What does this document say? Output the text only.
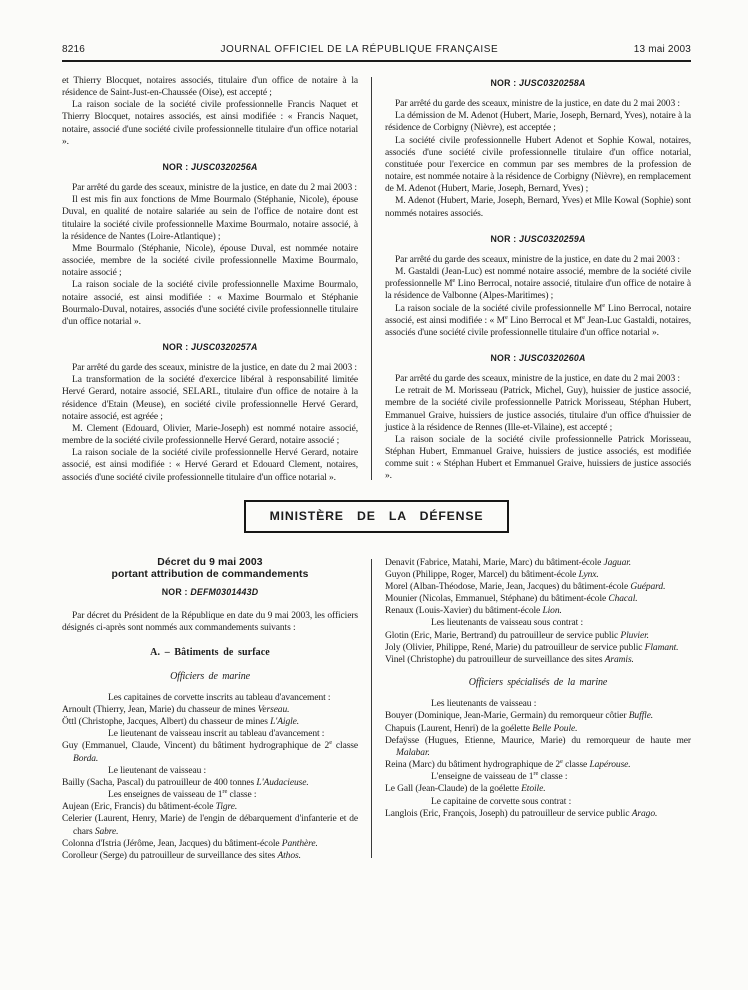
8216	JOURNAL OFFICIEL DE LA RÉPUBLIQUE FRANÇAISE	13 mai 2003

et Thierry Blocquet, notaires associés, titulaire d'un office de notaire à la résidence de Saint-Just-en-Chaussée (Oise), est accepté ;

La raison sociale de la société civile professionnelle Francis Naquet et Thierry Blocquet, notaires associés, est ainsi modifiée : « Francis Naquet, notaire, associé d'une société civile professionnelle titulaire d'un office notarial ».

NOR : JUSC0320256A

Par arrêté du garde des sceaux, ministre de la justice, en date du 2 mai 2003 :

Il est mis fin aux fonctions de Mme Bourmalo (Stéphanie, Nicole), épouse Duval, en qualité de notaire salariée au sein de l'office de notaire dont est titulaire la société civile professionnelle Maxime Bourmalo, notaire associé, à la résidence de Nantes (Loire-Atlantique) ;

Mme Bourmalo (Stéphanie, Nicole), épouse Duval, est nommée notaire associée, membre de la société civile professionnelle Maxime Bourmalo, notaire associé ;

La raison sociale de la société civile professionnelle Maxime Bourmalo, notaire associé, est ainsi modifiée : « Maxime Bourmalo et Stéphanie Bourmalo-Duval, notaires, associés d'une société civile professionnelle titulaire d'un office notarial ».

NOR : JUSC0320257A

Par arrêté du garde des sceaux, ministre de la justice, en date du 2 mai 2003 :

La transformation de la société d'exercice libéral à responsabilité limitée Hervé Gerard, notaire associé, SELARL, titulaire d'un office de notaire à la résidence d'Etain (Meuse), en société civile professionnelle Hervé Gerard, notaire associé, est agréée ;

M. Clement (Edouard, Olivier, Marie-Joseph) est nommé notaire associé, membre de la société civile professionnelle Hervé Gerard, notaire associé ;

La raison sociale de la société civile professionnelle Hervé Gerard, notaire associé, est ainsi modifiée : « Hervé Gerard et Edouard Clement, notaires, associés d'une société civile professionnelle titulaire d'un office notarial ».

NOR : JUSC0320258A

Par arrêté du garde des sceaux, ministre de la justice, en date du 2 mai 2003 :

La démission de M. Adenot (Hubert, Marie, Joseph, Bernard, Yves), notaire à la résidence de Corbigny (Nièvre), est acceptée ;

La société civile professionnelle Hubert Adenot et Sophie Kowal, notaires, associés d'une société civile professionnelle titulaire d'un office notarial, constituée pour l'exercice en commun par ses membres de la profession de notaire, est nommée notaire à la résidence de Corbigny (Nièvre), en remplacement de M. Adenot (Hubert, Marie, Joseph, Bernard, Yves) ;

M. Adenot (Hubert, Marie, Joseph, Bernard, Yves) et Mlle Kowal (Sophie) sont nommés notaires associés.

NOR : JUSC0320259A

Par arrêté du garde des sceaux, ministre de la justice, en date du 2 mai 2003 :

M. Gastaldi (Jean-Luc) est nommé notaire associé, membre de la société civile professionnelle Me Lino Berrocal, notaire associé, titulaire d'un office de notaire à la résidence de Valbonne (Alpes-Maritimes) ;

La raison sociale de la société civile professionnelle Me Lino Berrocal, notaire associé, est ainsi modifiée : « Me Lino Berrocal et Me Jean-Luc Gastaldi, notaires, associés d'une société civile professionnelle titulaire d'un office notarial ».

NOR : JUSC0320260A

Par arrêté du garde des sceaux, ministre de la justice, en date du 2 mai 2003 :

Le retrait de M. Morisseau (Patrick, Michel, Guy), huissier de justice associé, membre de la société civile professionnelle Patrick Morisseau, Stéphan Hubert, Emmanuel Graive, huissiers de justice associés, titulaire d'un office d'huissier de justice à la résidence de Rennes (Ille-et-Vilaine), est accepté ;

La raison sociale de la société civile professionnelle Patrick Morisseau, Stéphan Hubert, Emmanuel Graive, huissiers de justice associés, est modifiée comme suit : « Stéphan Hubert et Emmanuel Graive, huissiers de justice associés ».

MINISTÈRE DE LA DÉFENSE

Décret du 9 mai 2003

portant attribution de commandements

NOR : DEFM0301443D

Par décret du Président de la République en date du 9 mai 2003, les officiers désignés ci-après sont nommés aux commandements suivants :

A. – Bâtiments de surface

Officiers de marine

Les capitaines de corvette inscrits au tableau d'avancement :

Arnoult (Thierry, Jean, Marie) du chasseur de mines Verseau.

Öttl (Christophe, Jacques, Albert) du chasseur de mines L'Aigle.

Le lieutenant de vaisseau inscrit au tableau d'avancement :

Guy (Emmanuel, Claude, Vincent) du bâtiment hydrographique de 2e classe Borda.

Le lieutenant de vaisseau :

Bailly (Sacha, Pascal) du patrouilleur de 400 tonnes L'Audacieuse.

Les enseignes de vaisseau de 1re classe :

Aujean (Eric, Francis) du bâtiment-école Tigre.

Celerier (Laurent, Henry, Marie) de l'engin de débarquement d'infanterie et de chars Sabre.

Colonna d'Istria (Jérôme, Jean, Jacques) du bâtiment-école Panthère.

Corolleur (Serge) du patrouilleur de surveillance des sites Athos.

Denavit (Fabrice, Matahi, Marie, Marc) du bâtiment-école Jaguar.

Guyon (Philippe, Roger, Marcel) du bâtiment-école Lynx.

Morel (Alban-Théodose, Marie, Jean, Jacques) du bâtiment-école Guépard.

Mounier (Nicolas, Emmanuel, Stéphane) du bâtiment-école Chacal.

Renaux (Louis-Xavier) du bâtiment-école Lion.

Les lieutenants de vaisseau sous contrat :

Glotin (Eric, Marie, Bertrand) du patrouilleur de service public Pluvier.

Joly (Olivier, Philippe, René, Marie) du patrouilleur de service public Flamant.

Vinel (Christophe) du patrouilleur de surveillance des sites Aramis.

Officiers spécialisés de la marine

Les lieutenants de vaisseau :

Bouyer (Dominique, Jean-Marie, Germain) du remorqueur côtier Buffle.

Chapuis (Laurent, Henri) de la goélette Belle Poule.

Defaÿsse (Hugues, Etienne, Maurice, Marie) du remorqueur de haute mer Malabar.

Reina (Marc) du bâtiment hydrographique de 2e classe Lapérouse.

L'enseigne de vaisseau de 1re classe :

Le Gall (Jean-Claude) de la goélette Etoile.

Le capitaine de corvette sous contrat :

Langlois (Eric, François, Joseph) du patrouilleur de service public Arago.
